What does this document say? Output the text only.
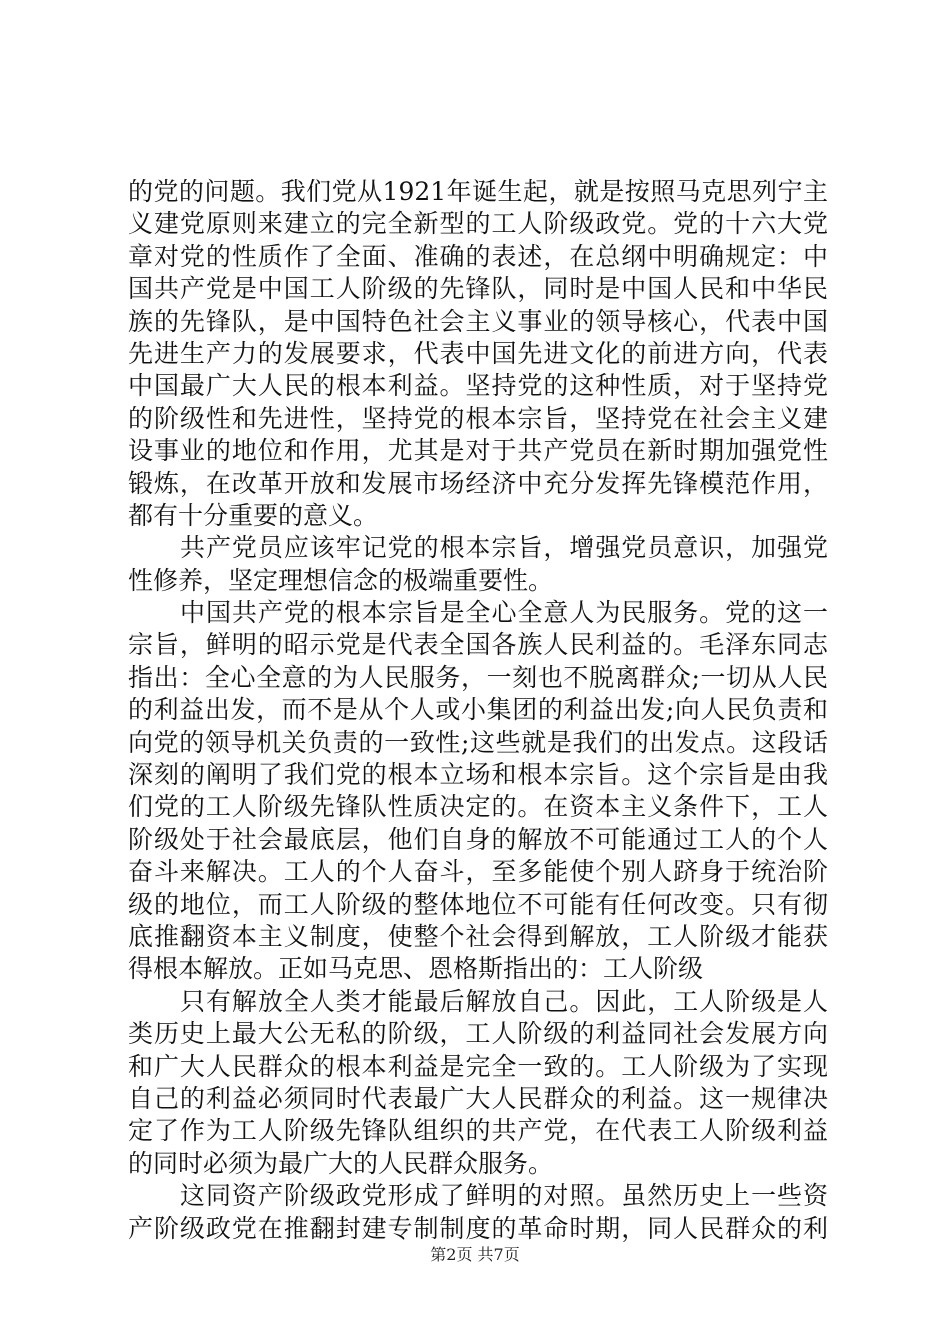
的党的问题。我们党从1921年诞生起，就是按照马克思列宁主
义建党原则来建立的完全新型的工人阶级政党。党的十六大党
章对党的性质作了全面、准确的表述，在总纲中明确规定：中
国共产党是中国工人阶级的先锋队，同时是中国人民和中华民
族的先锋队，是中国特色社会主义事业的领导核心，代表中国
先进生产力的发展要求，代表中国先进文化的前进方向，代表
中国最广大人民的根本利益。坚持党的这种性质，对于坚持党
的阶级性和先进性，坚持党的根本宗旨，坚持党在社会主义建
设事业的地位和作用，尤其是对于共产党员在新时期加强党性
锻炼，在改革开放和发展市场经济中充分发挥先锋模范作用，
都有十分重要的意义。
共产党员应该牢记党的根本宗旨，增强党员意识，加强党
性修养，坚定理想信念的极端重要性。
中国共产党的根本宗旨是全心全意人为民服务。党的这一
宗旨，鲜明的昭示党是代表全国各族人民利益的。毛泽东同志
指出：全心全意的为人民服务，一刻也不脱离群众;一切从人民
的利益出发，而不是从个人或小集团的利益出发;向人民负责和
向党的领导机关负责的一致性;这些就是我们的出发点。这段话
深刻的阐明了我们党的根本立场和根本宗旨。这个宗旨是由我
们党的工人阶级先锋队性质决定的。在资本主义条件下，工人
阶级处于社会最底层，他们自身的解放不可能通过工人的个人
奋斗来解决。工人的个人奋斗，至多能使个别人跻身于统治阶
级的地位，而工人阶级的整体地位不可能有任何改变。只有彻
底推翻资本主义制度，使整个社会得到解放，工人阶级才能获
得根本解放。正如马克思、恩格斯指出的：工人阶级
只有解放全人类才能最后解放自己。因此，工人阶级是人
类历史上最大公无私的阶级，工人阶级的利益同社会发展方向
和广大人民群众的根本利益是完全一致的。工人阶级为了实现
自己的利益必须同时代表最广大人民群众的利益。这一规律决
定了作为工人阶级先锋队组织的共产党，在代表工人阶级利益
的同时必须为最广大的人民群众服务。
这同资产阶级政党形成了鲜明的对照。虽然历史上一些资
产阶级政党在推翻封建专制制度的革命时期，同人民群众的利
第2页 共7页
